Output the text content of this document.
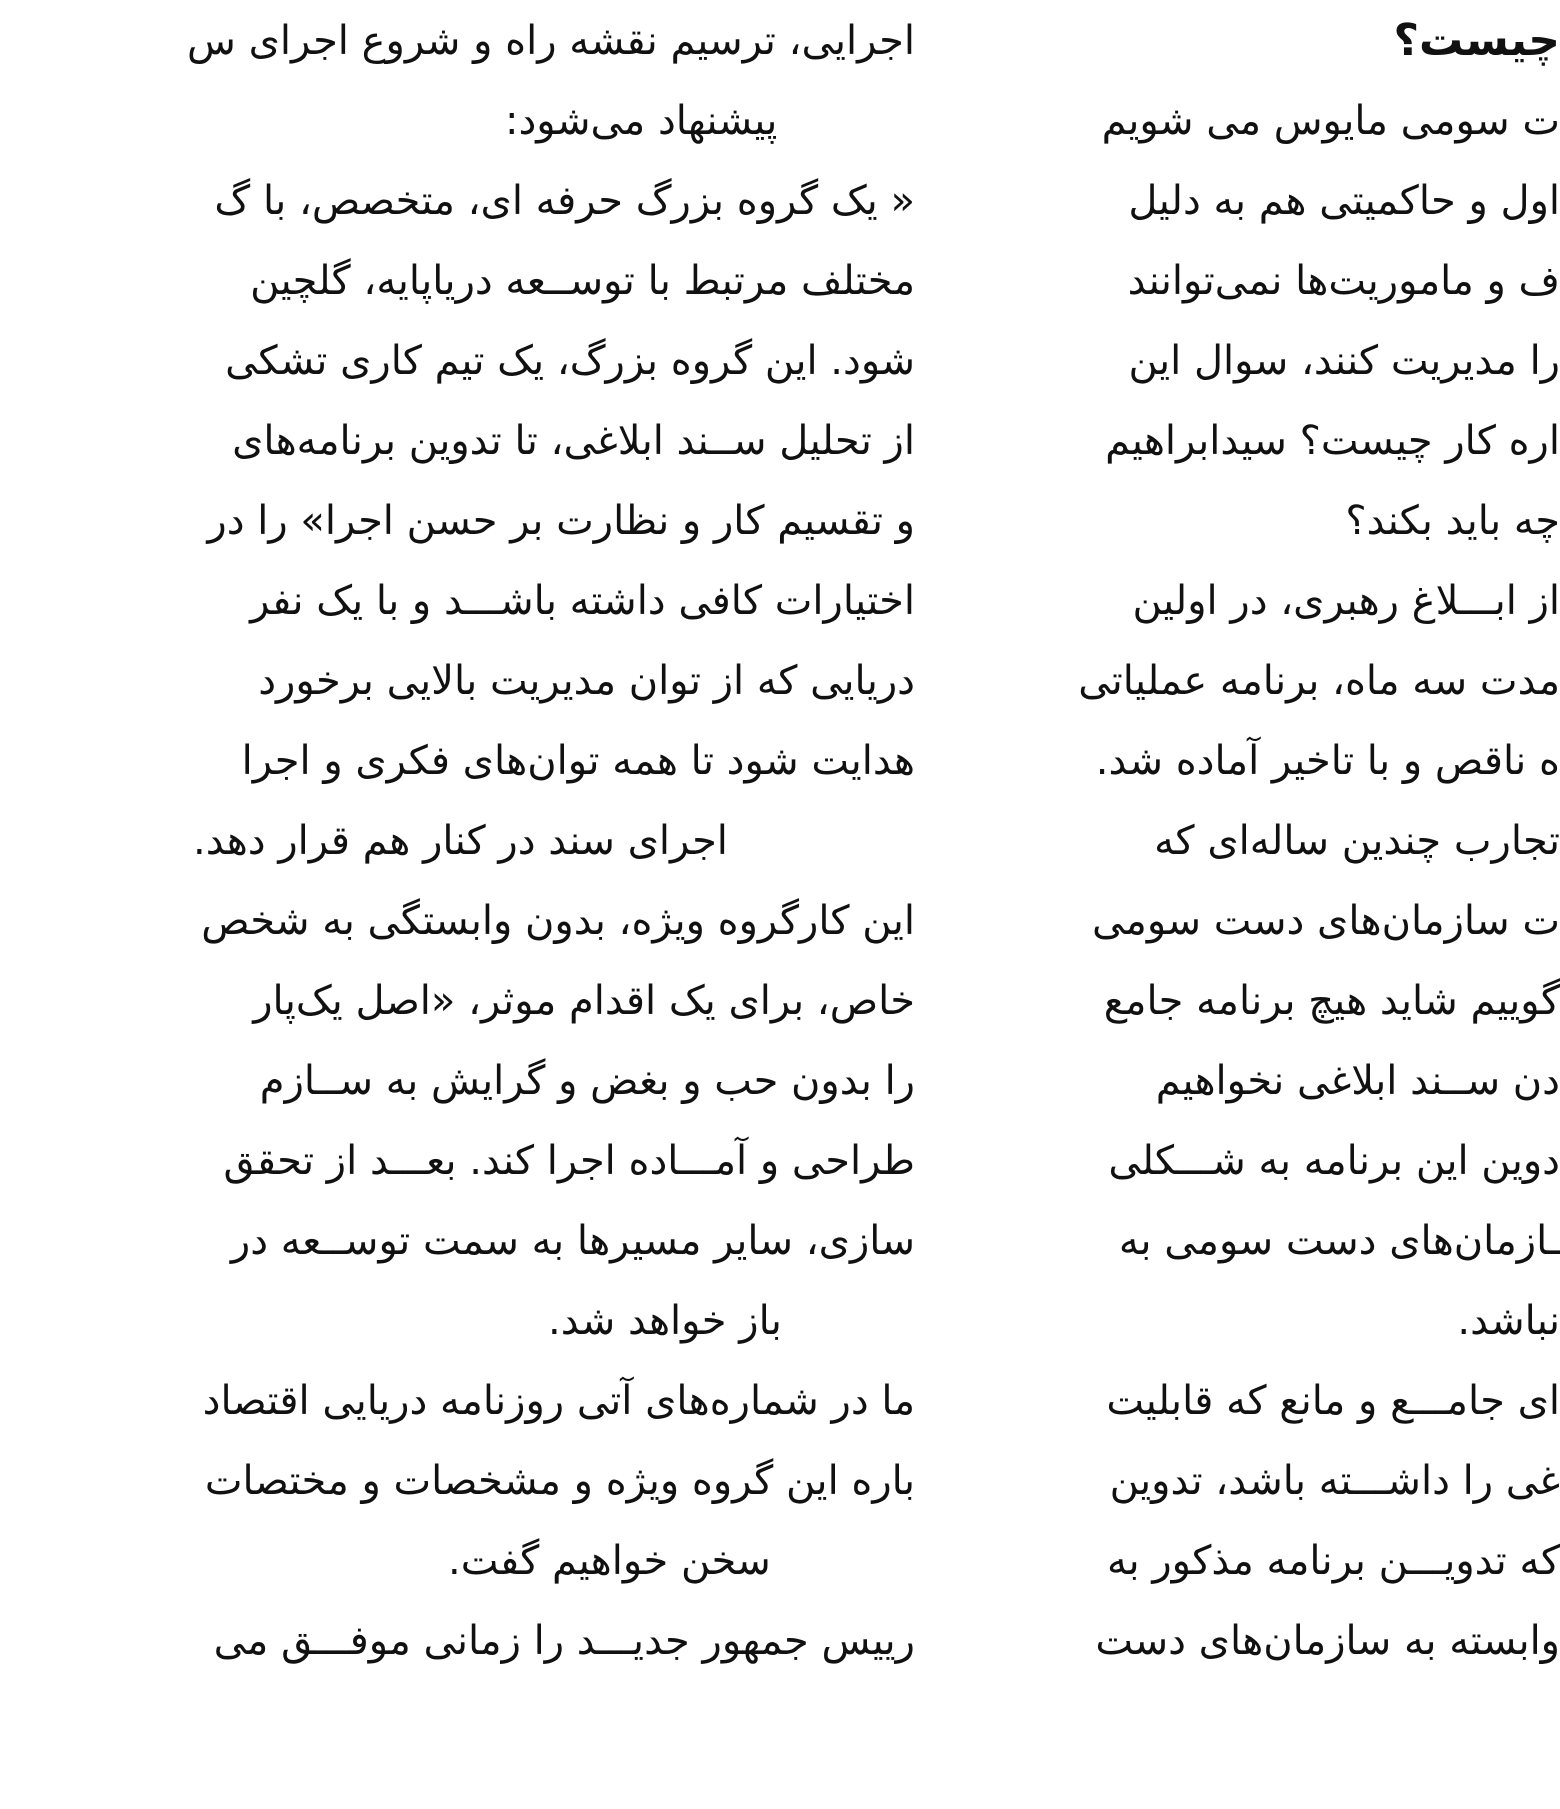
اجرایی، ترسیم نقشه راه و شروع اجرای س
پیشنهاد می‌شود:
« یک گروه بزرگ حرفه ای، متخصص، با گ
مختلف مرتبط با توســعه دریاپایه، گلچین
شود. این گروه بزرگ، یک تیم کاری تشکی
از تحلیل ســند ابلاغی، تا تدوین برنامه‌های
و تقسیم کار و نظارت بر حسن اجرا» را در
اختیارات کافی داشته باشـــد و با یک نفر
دریایی که از توان مدیریت بالایی برخورد
هدایت شود تا همه توان‌های فکری و اجرا
اجرای سند در کنار هم قرار دهد.
این کارگروه ویژه، بدون وابستگی به شخص
خاص، برای یک اقدام موثر، «اصل یک‌پار
را بدون حب و بغض و گرایش به ســازم
طراحی و آمـــاده اجرا کند. بعـــد از تحقق
سازی، سایر مسیرها به سمت توســعه در
باز خواهد شد.
ما در شماره‌های آتی روزنامه دریایی اقتصاد
باره این گروه ویژه و مشخصات و مختصات
سخن خواهیم گفت.
رییس جمهور جدیـــد را زمانی موفـــق می
چیست؟
ت سومی مایوس می شویم
اول و حاکمیتی هم به دلیل
ف و ماموریت‌ها نمی‌توانند
را مدیریت کنند، سوال این
اره کار چیست؟ سیدابراهیم
چه باید بکند؟
از ابـــلاغ رهبری، در اولین
مدت سه ماه، برنامه عملیاتی
ه ناقص و با تاخیر آماده شد.
تجارب چندین ساله‌ای که
ت سازمان‌های دست سومی
گوییم شاید هیچ برنامه جامع
دن ســند ابلاغی نخواهیم
دوین این برنامه به شـــکلی
ـازمان‌های دست سومی به
نباشد.
ای جامـــع و مانع که قابلیت
غی را داشـــته باشد، تدوین
که تدویـــن برنامه مذکور به
وابسته به سازمان‌های دست
